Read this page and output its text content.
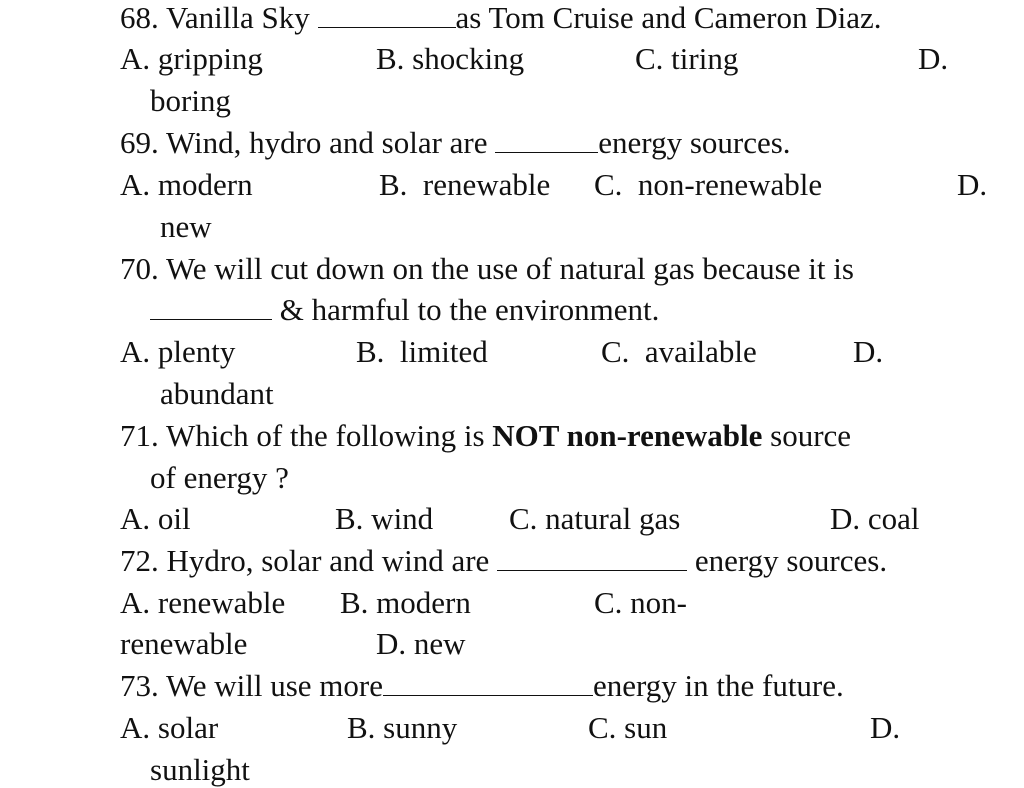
68. Vanilla Sky	as Tom Cruise and Cameron Diaz.
A. gripping	B. shocking	C. tiring	D.
boring
69. Wind, hydro and solar are	energy sources.
A. modern	B.  renewable C.  non-renewable	D.
new
70. We will cut down on the use of natural gas because it is
& harmful to the environment.
A. plenty	B.  limited	C.  available	D.
abundant
71. Which of the following is NOT non-renewable source
of energy ?
A. oil	B. wind C. natural gas	D. coal
72. Hydro, solar and wind are	energy sources.
A. renewable B. modern	C. non-
renewable	D. new
73. We will use more	energy in the future.
A. solar	B. sunny	C. sun	D.
sunlight
